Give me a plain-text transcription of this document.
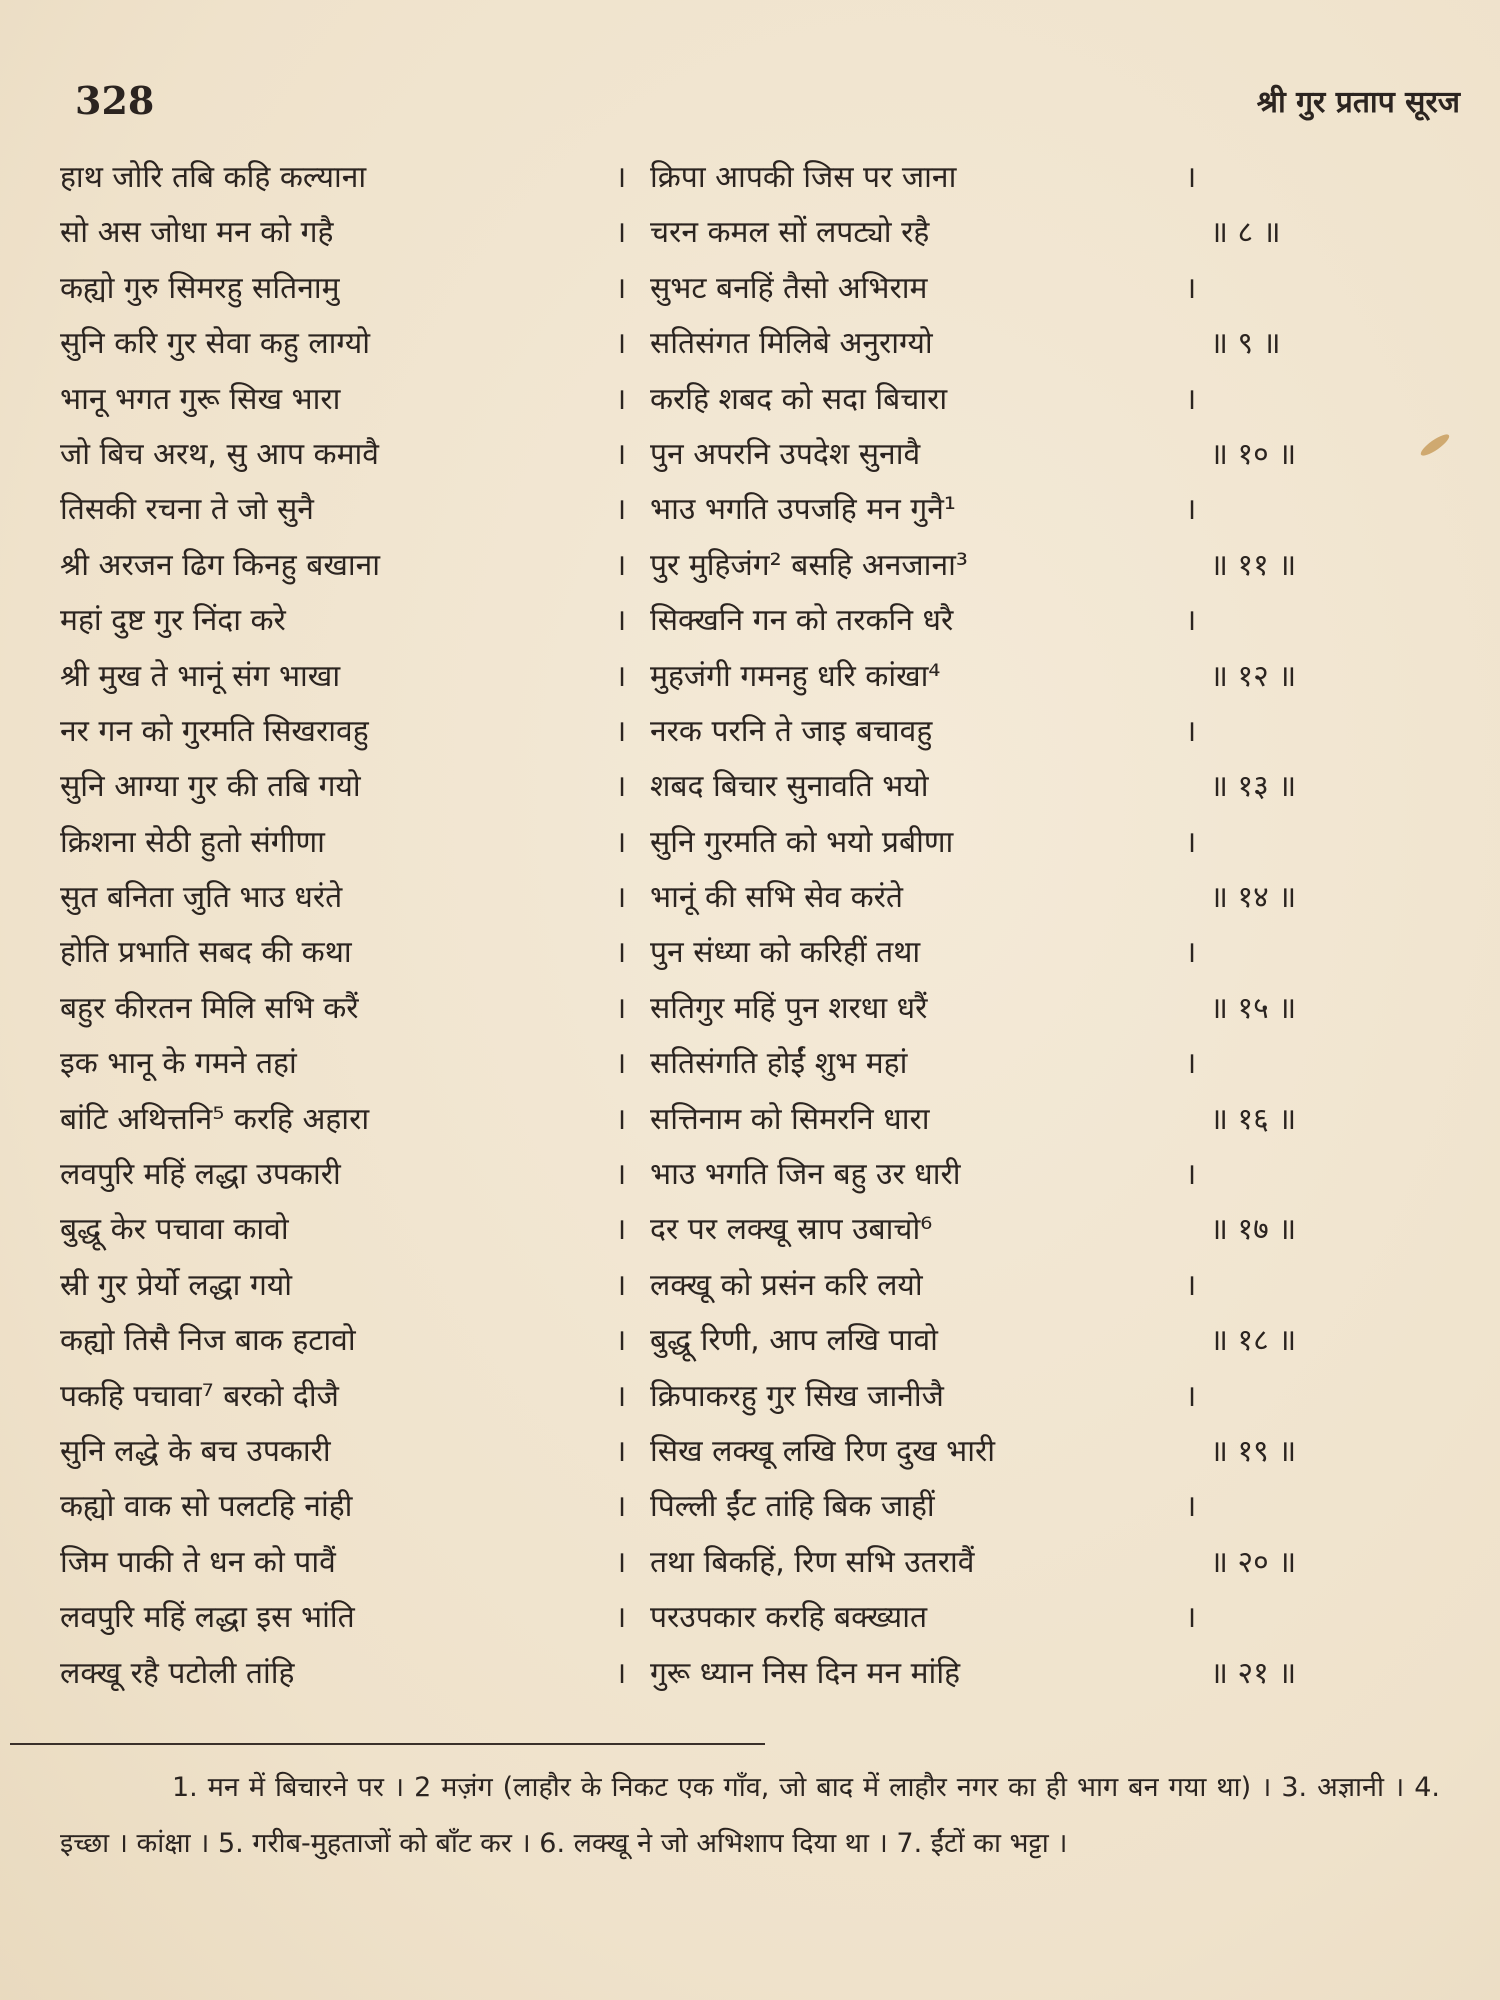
328	श्री गुर प्रताप सूरज
हाथ जोरि तबि कहि कल्याना	। क्रिपा आपकी जिस पर जाना	।
सो अस जोधा मन को गहै	। चरन कमल सों लपट्यो रहै	॥ ८ ॥
कह्यो गुरु सिमरहु सतिनामु	। सुभट बनहिं तैसो अभिराम	।
सुनि करि गुर सेवा कहु लाग्यो	। सतिसंगत मिलिबे अनुराग्यो	॥ ९ ॥
भानू भगत गुरू सिख भारा	। करहि शबद को सदा बिचारा	।
जो बिच अरथ, सु आप कमावै	। पुन अपरनि उपदेश सुनावै	॥ १० ॥
तिसकी रचना ते जो सुनै	। भाउ भगति उपजहि मन गुनै¹	।
श्री अरजन ढिग किनहु बखाना	। पुर मुहिजंग² बसहि अनजाना³	॥ ११ ॥
महां दुष्ट गुर निंदा करे	। सिक्खनि गन को तरकनि धरै	।
श्री मुख ते भानूं संग भाखा	। मुहजंगी गमनहु धरि कांखा⁴	॥ १२ ॥
नर गन को गुरमति सिखरावहु	। नरक परनि ते जाइ बचावहु	।
सुनि आग्या गुर की तबि गयो	। शबद बिचार सुनावति भयो	॥ १३ ॥
क्रिशना सेठी हुतो संगीणा	। सुनि गुरमति को भयो प्रबीणा	।
सुत बनिता जुति भाउ धरंते	। भानूं की सभि सेव करंते	॥ १४ ॥
होति प्रभाति सबद की कथा	। पुन संध्या को करिहीं तथा	।
बहुर कीरतन मिलि सभि करैं	। सतिगुर महिं पुन शरधा धरैं	॥ १५ ॥
इक भानू के गमने तहां	। सतिसंगति होईं शुभ महां	।
बांटि अथित्तनि⁵ करहि अहारा	। सत्तिनाम को सिमरनि धारा	॥ १६ ॥
लवपुरि महिं लद्धा उपकारी	। भाउ भगति जिन बहु उर धारी	।
बुद्धू केर पचावा कावो	। दर पर लक्खू स्राप उबाचो⁶	॥ १७ ॥
स्री गुर प्रेर्यो लद्धा गयो	। लक्खू को प्रसंन करि लयो	।
कह्यो तिसै निज बाक हटावो	। बुद्धू रिणी, आप लखि पावो	॥ १८ ॥
पकहि पचावा⁷ बरको दीजै	। क्रिपाकरहु गुर सिख जानीजै	।
सुनि लद्धे के बच उपकारी	। सिख लक्खू लखि रिण दुख भारी	॥ १९ ॥
कह्यो वाक सो पलटहि नांही	। पिल्ली ईंट तांहि बिक जाहीं	।
जिम पाकी ते धन को पावैं	। तथा बिकहिं, रिण सभि उतरावैं	॥ २० ॥
लवपुरि महिं लद्धा इस भांति	। परउपकार करहि बक्ख्यात	।
लक्खू रहै पटोली तांहि	। गुरू ध्यान निस दिन मन मांहि	॥ २१ ॥

1. मन में बिचारने पर । 2 मज़ंग (लाहौर के निकट एक गाँव, जो बाद में लाहौर नगर का ही भाग बन गया था) । 3. अज्ञानी । 4. इच्छा । कांक्षा । 5. गरीब-मुहताजों को बाँट कर । 6. लक्खू ने जो अभिशाप दिया था । 7. ईंटों का भट्टा ।
